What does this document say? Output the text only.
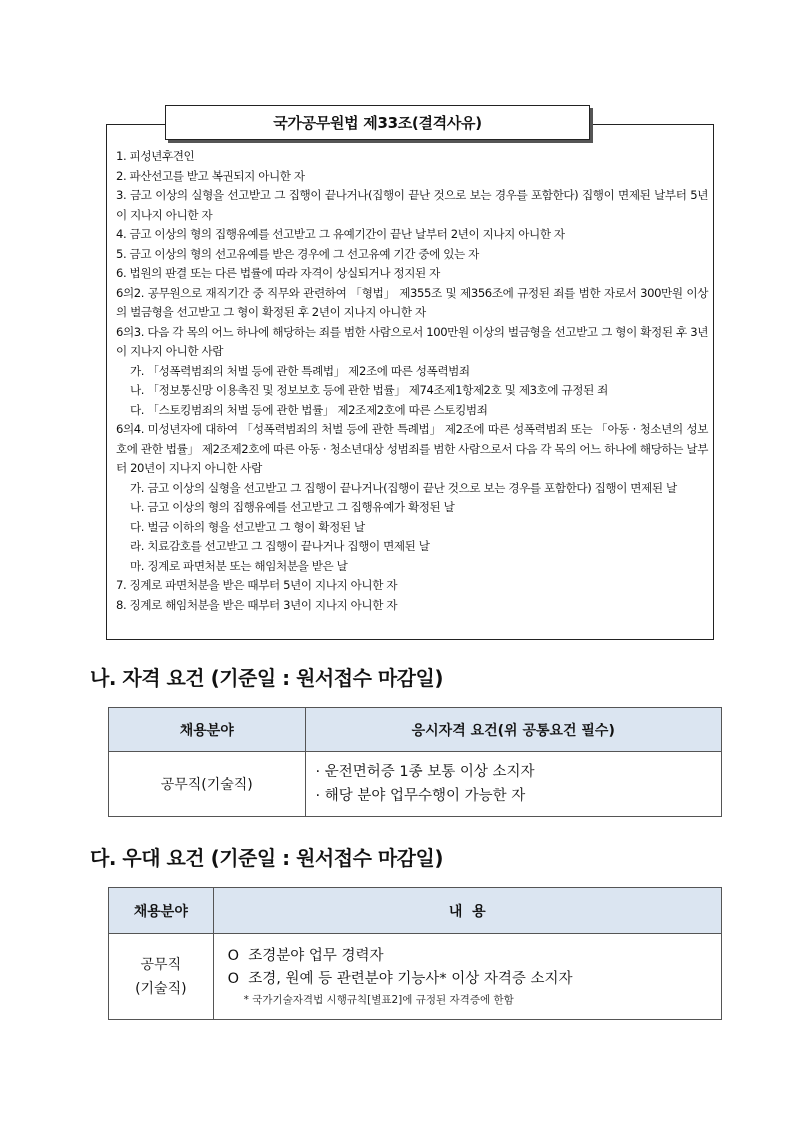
국가공무원법 제33조(결격사유)
1. 피성년후견인
2. 파산선고를 받고 복권되지 아니한 자
3. 금고 이상의 실형을 선고받고 그 집행이 끝나거나(집행이 끝난 것으로 보는 경우를 포함한다) 집행이 면제된 날부터 5년이 지나지 아니한 자
4. 금고 이상의 형의 집행유예를 선고받고 그 유예기간이 끝난 날부터 2년이 지나지 아니한 자
5. 금고 이상의 형의 선고유예를 받은 경우에 그 선고유예 기간 중에 있는 자
6. 법원의 판결 또는 다른 법률에 따라 자격이 상실되거나 정지된 자
6의2. 공무원으로 재직기간 중 직무와 관련하여 「형법」 제355조 및 제356조에 규정된 죄를 범한 자로서 300만원 이상의 벌금형을 선고받고 그 형이 확정된 후 2년이 지나지 아니한 자
6의3. 다음 각 목의 어느 하나에 해당하는 죄를 범한 사람으로서 100만원 이상의 벌금형을 선고받고 그 형이 확정된 후 3년이 지나지 아니한 사람
가. 「성폭력범죄의 처벌 등에 관한 특례법」 제2조에 따른 성폭력범죄
나. 「정보통신망 이용촉진 및 정보보호 등에 관한 법률」 제74조제1항제2호 및 제3호에 규정된 죄
다. 「스토킹범죄의 처벌 등에 관한 법률」 제2조제2호에 따른 스토킹범죄
6의4. 미성년자에 대하여 「성폭력범죄의 처벌 등에 관한 특례법」 제2조에 따른 성폭력범죄 또는 「아동 · 청소년의 성보호에 관한 법률」 제2조제2호에 따른 아동 · 청소년대상 성범죄를 범한 사람으로서 다음 각 목의 어느 하나에 해당하는 날부터 20년이 지나지 아니한 사람
가. 금고 이상의 실형을 선고받고 그 집행이 끝나거나(집행이 끝난 것으로 보는 경우를 포함한다) 집행이 면제된 날
나. 금고 이상의 형의 집행유예를 선고받고 그 집행유예가 확정된 날
다. 벌금 이하의 형을 선고받고 그 형이 확정된 날
라. 치료감호를 선고받고 그 집행이 끝나거나 집행이 면제된 날
마. 징계로 파면처분 또는 해임처분을 받은 날
7. 징계로 파면처분을 받은 때부터 5년이 지나지 아니한 자
8. 징계로 해임처분을 받은 때부터 3년이 지나지 아니한 자
나. 자격 요건 (기준일 : 원서접수 마감일)
채용분야	응시자격 요건(위 공통요건 필수)
공무직(기술직)	· 운전면허증 1종 보통 이상 소지자
· 해당 분야 업무수행이 가능한 자
다. 우대 요건 (기준일 : 원서접수 마감일)
채용분야	내  용

공무직
(기술직)	O  조경분야 업무 경력자
O  조경, 원예 등 관련분야 기능사* 이상 자격증 소지자
* 국가기술자격법 시행규칙[별표2]에 규정된 자격증에 한함
